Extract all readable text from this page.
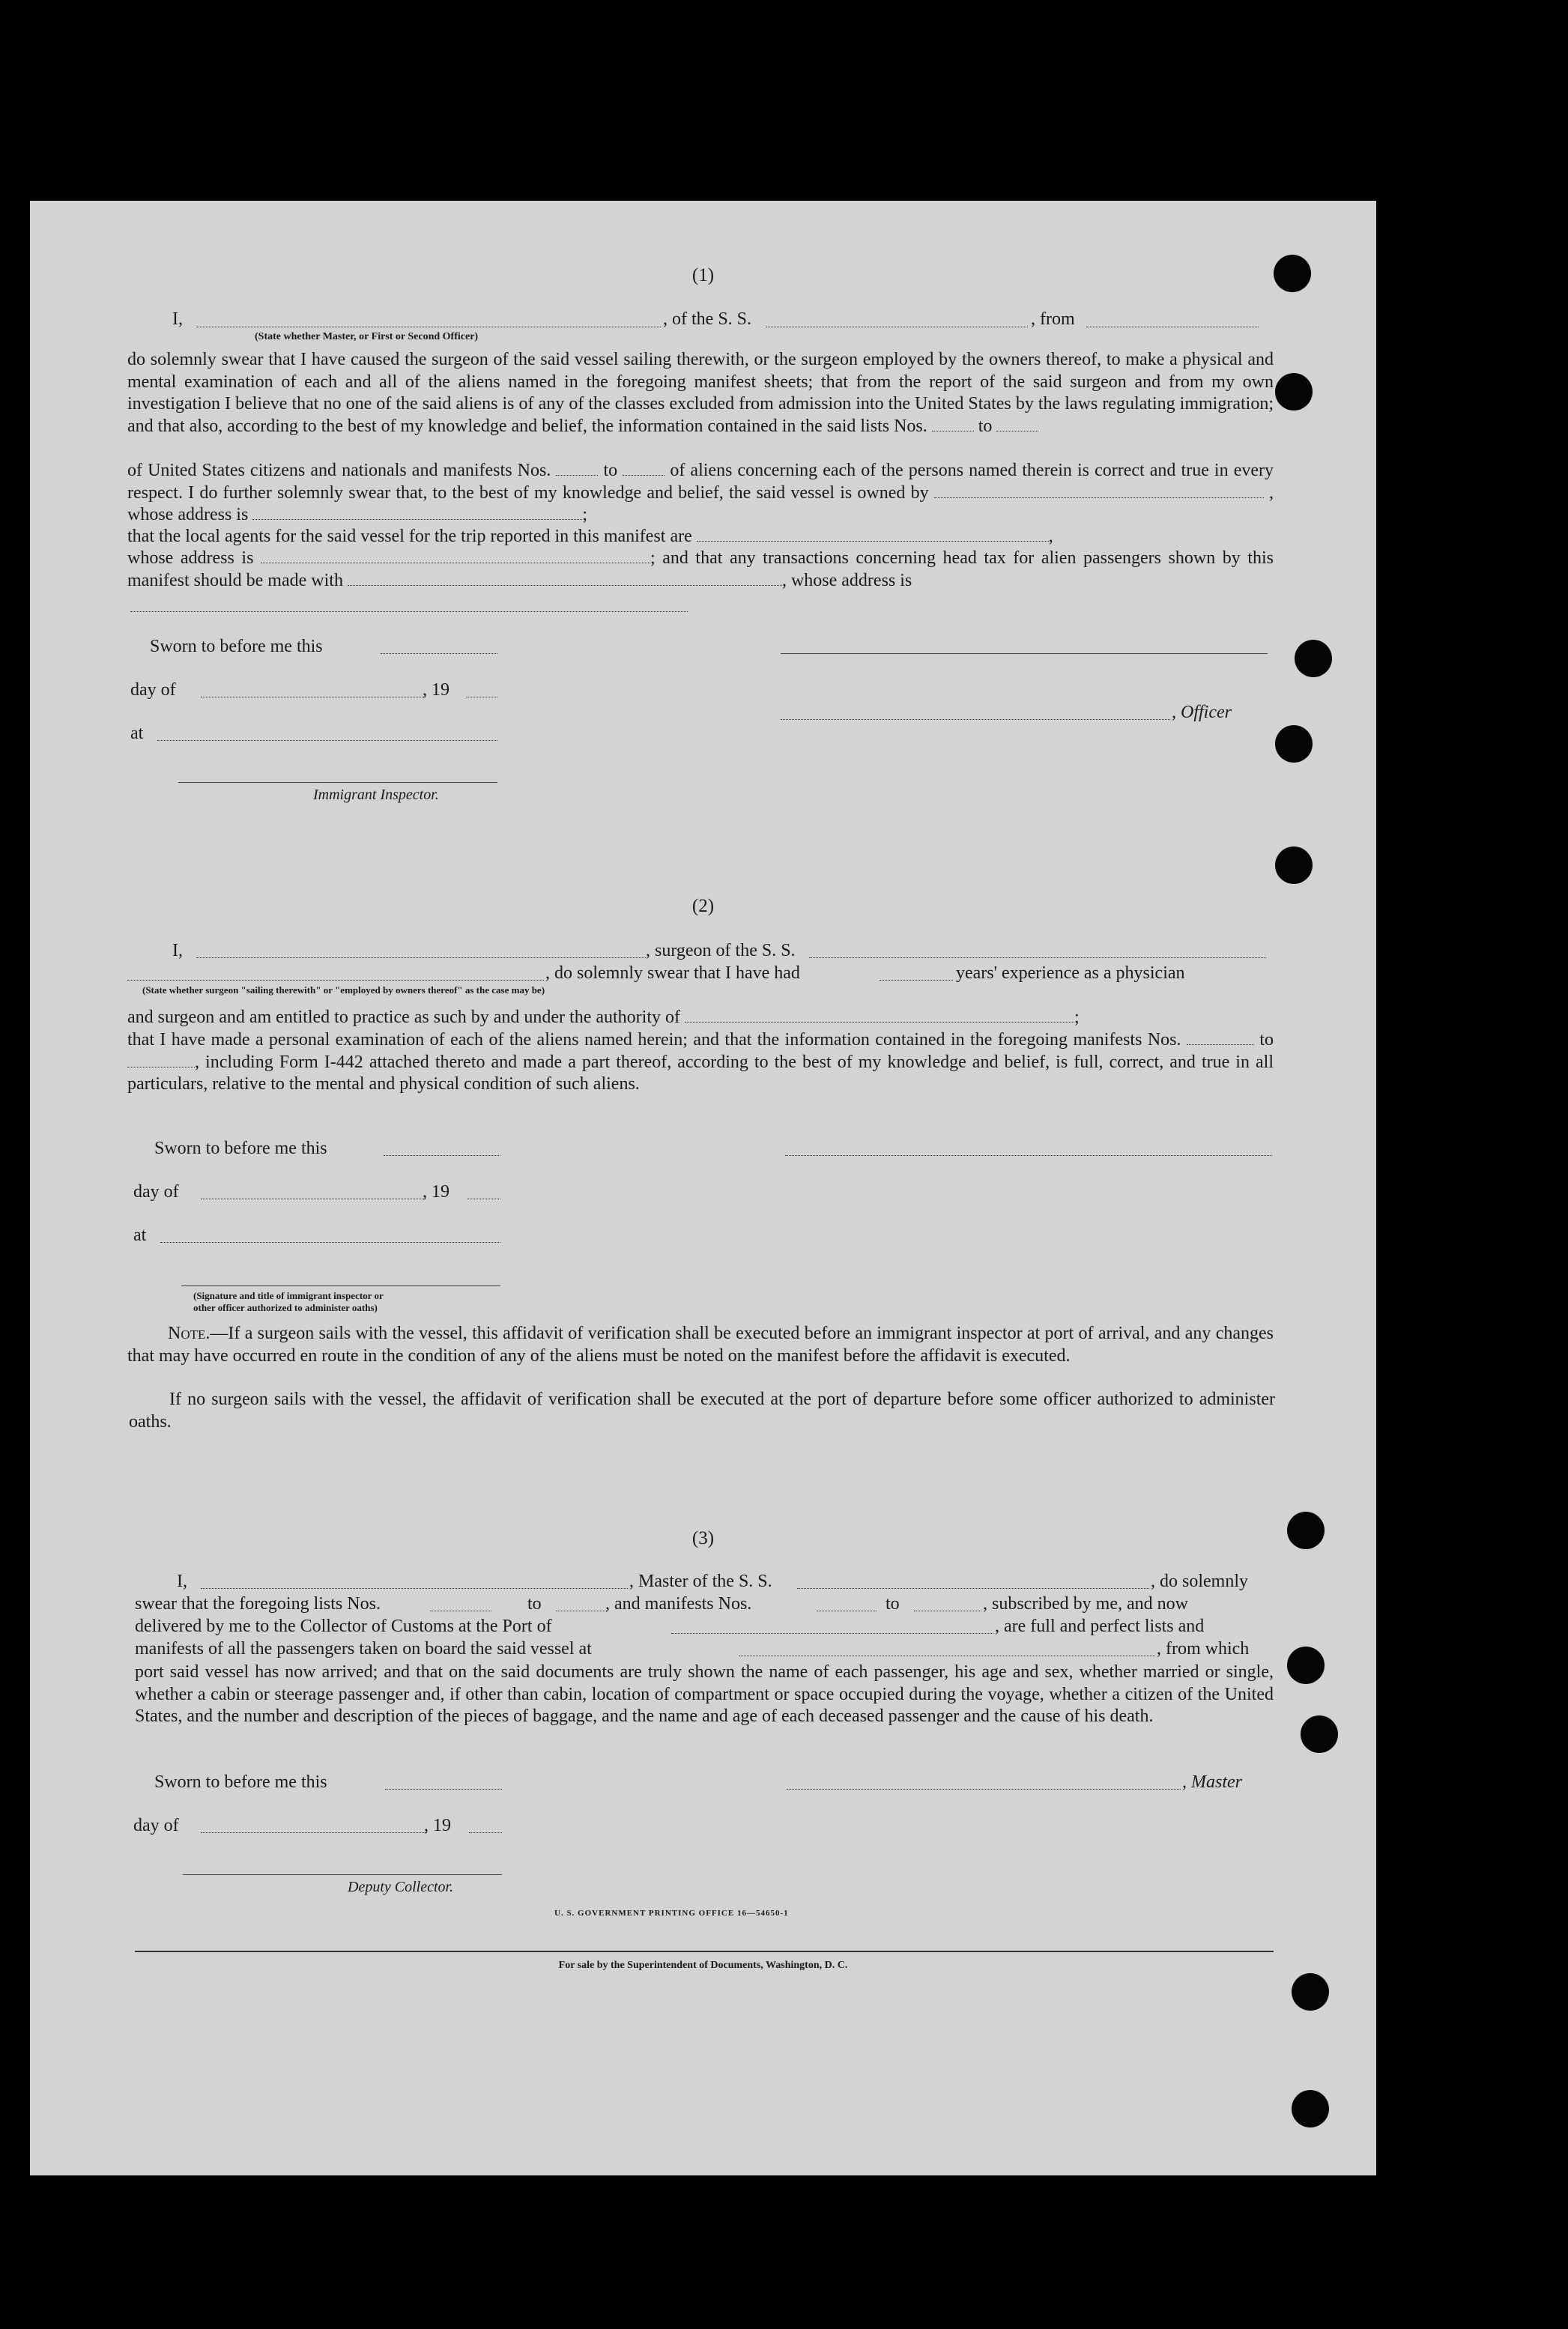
(1)
I,	, of the S. S.	, from
(State whether Master, or First or Second Officer)
do solemnly swear that I have caused the surgeon of the said vessel sailing therewith, or the surgeon employed by the owners thereof, to make a physical and mental examination of each and all of the aliens named in the foregoing manifest sheets; that from the report of the said surgeon and from my own investigation I believe that no one of the said aliens is of any of the classes excluded from admission into the United States by the laws regulating immigration; and that also, according to the best of my knowledge and belief, the information contained in the said lists Nos.	to
of United States citizens and nationals and manifests Nos.	to	of aliens concerning each of the persons named therein is correct and true in every respect. I do further solemnly swear that, to the best of my knowledge and belief, the said vessel is owned by	, whose address is	;
that the local agents for the said vessel for the trip reported in this manifest are	,
whose address is	; and that any transactions concerning head tax for alien passengers shown by this manifest should be made with	, whose address is
Sworn to before me this
day of	, 19
, Officer
at
Immigrant Inspector.
(2)
I,	, surgeon of the S. S.
, do solemnly swear that I have had	years' experience as a physician
(State whether surgeon "sailing therewith" or "employed by owners thereof" as the case may be)
and surgeon and am entitled to practice as such by and under the authority of	;
that I have made a personal examination of each of the aliens named herein; and that the information contained in the foregoing manifests Nos.	to , including Form I-442 attached thereto and made a part thereof, according to the best of my knowledge and belief, is full, correct, and true in all particulars, relative to the mental and physical condition of such aliens.
Sworn to before me this
day of	, 19
at
(Signature and title of immigrant inspector or
other officer authorized to administer oaths)
Note.—If a surgeon sails with the vessel, this affidavit of verification shall be executed before an immigrant inspector at port of arrival, and any changes that may have occurred en route in the condition of any of the aliens must be noted on the manifest before the affidavit is executed.
If no surgeon sails with the vessel, the affidavit of verification shall be executed at the port of departure before some officer authorized to administer oaths.
(3)
I,	, Master of the S. S.	, do solemnly
swear that the foregoing lists Nos.	to	, and manifests Nos.	to	, subscribed by me, and now
delivered by me to the Collector of Customs at the Port of	, are full and perfect lists and
manifests of all the passengers taken on board the said vessel at	, from which
port said vessel has now arrived; and that on the said documents are truly shown the name of each passenger, his age and sex, whether married or single, whether a cabin or steerage passenger and, if other than cabin, location of compartment or space occupied during the voyage, whether a citizen of the United States, and the number and description of the pieces of baggage, and the name and age of each deceased passenger and the cause of his death.
Sworn to before me this	, Master
day of	, 19
Deputy Collector.
U. S. GOVERNMENT PRINTING OFFICE 16—54650-1
For sale by the Superintendent of Documents, Washington, D. C.
